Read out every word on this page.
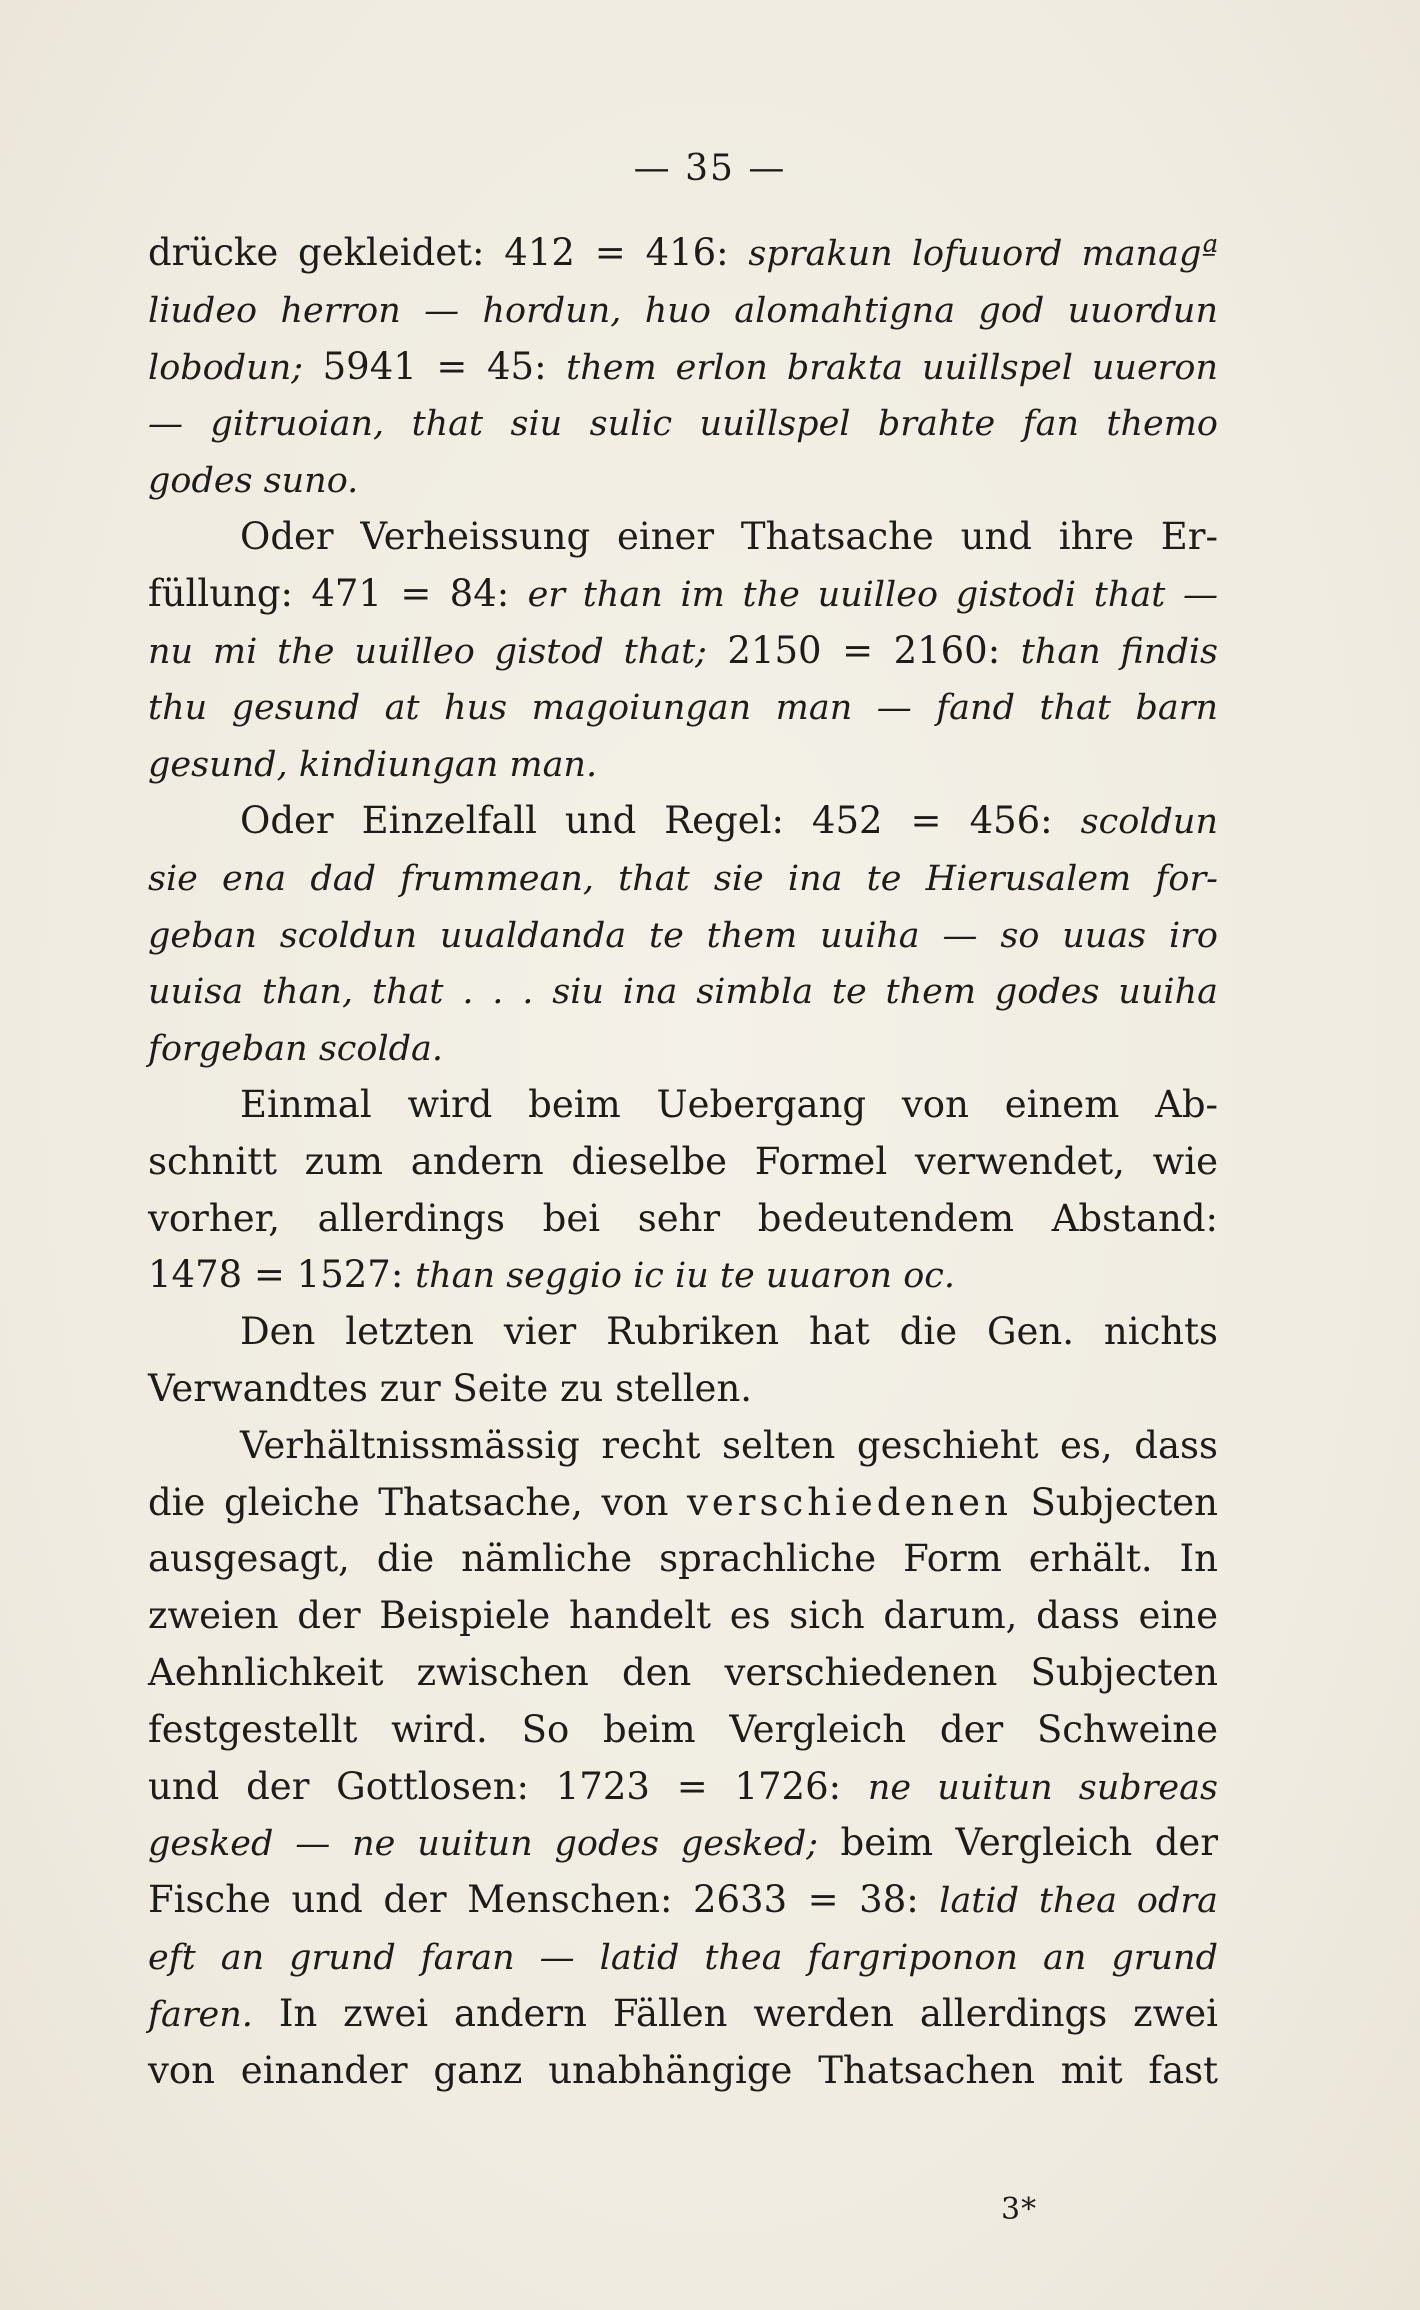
— 35 —
drücke gekleidet: 412 = 416: sprakun lofuuord managª
liudeo herron — hordun, huo alomahtigna god uuordun
lobodun; 5941 = 45: them erlon brakta uuillspel uueron
— gitruoian, that siu sulic uuillspel brahte fan themo
godes suno.
Oder Verheissung einer Thatsache und ihre Er-
füllung: 471 = 84: er than im the uuilleo gistodi that —
nu mi the uuilleo gistod that; 2150 = 2160: than findis
thu gesund at hus magoiungan man — fand that barn
gesund, kindiungan man.
Oder Einzelfall und Regel: 452 = 456: scoldun
sie ena dad frummean, that sie ina te Hierusalem for-
geban scoldun uualdanda te them uuiha — so uuas iro
uuisa than, that . . . siu ina simbla te them godes uuiha
forgeban scolda.
Einmal wird beim Uebergang von einem Ab-
schnitt zum andern dieselbe Formel verwendet, wie
vorher, allerdings bei sehr bedeutendem Abstand:
1478 = 1527: than seggio ic iu te uuaron oc.
Den letzten vier Rubriken hat die Gen. nichts
Verwandtes zur Seite zu stellen.
Verhältnissmässig recht selten geschieht es, dass
die gleiche Thatsache, von verschiedenen Subjecten
ausgesagt, die nämliche sprachliche Form erhält. In
zweien der Beispiele handelt es sich darum, dass eine
Aehnlichkeit zwischen den verschiedenen Subjecten
festgestellt wird. So beim Vergleich der Schweine
und der Gottlosen: 1723 = 1726: ne uuitun subreas
gesked — ne uuitun godes gesked; beim Vergleich der
Fische und der Menschen: 2633 = 38: latid thea odra
eft an grund faran — latid thea fargriponon an grund
faren. In zwei andern Fällen werden allerdings zwei
von einander ganz unabhängige Thatsachen mit fast
3*
